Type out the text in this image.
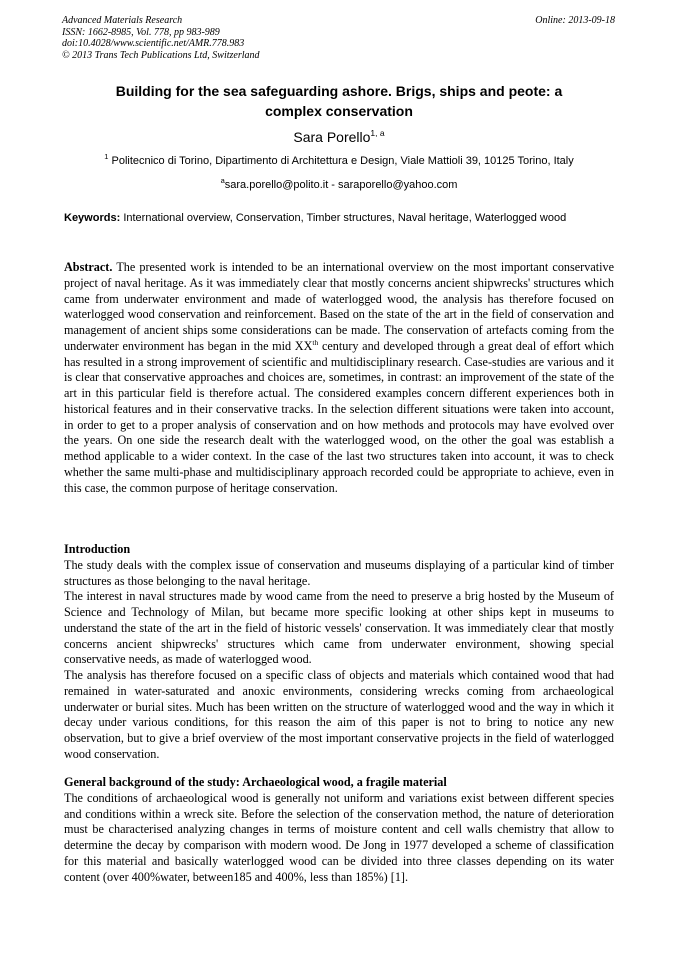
Advanced Materials Research
ISSN: 1662-8985, Vol. 778, pp 983-989
doi:10.4028/www.scientific.net/AMR.778.983
© 2013 Trans Tech Publications Ltd, Switzerland
Online: 2013-09-18
Building for the sea safeguarding ashore. Brigs, ships and peote: a
complex conservation
Sara Porello$^{1, a}$
$^1$ Politecnico di Torino, Dipartimento di Architettura e Design, Viale Mattioli 39, 10125 Torino, Italy
$^a$sara.porello@polito.it - saraporello@yahoo.com
Keywords: International overview, Conservation, Timber structures, Naval heritage, Waterlogged wood

Abstract. The presented work is intended to be an international overview on the most important conservative project of naval heritage. As it was immediately clear that mostly concerns ancient shipwrecks' structures which came from underwater environment and made of waterlogged wood, the analysis has therefore focused on waterlogged wood conservation and reinforcement. Based on the state of the art in the field of conservation and management of ancient ships some considerations can be made. The conservation of artefacts coming from the underwater environment has began in the mid XXth century and developed through a great deal of effort which has resulted in a strong improvement of scientific and multidisciplinary research. Case-studies are various and it is clear that conservative approaches and choices are, sometimes, in contrast: an improvement of the state of the art in this particular field is therefore actual. The considered examples concern different experiences both in historical features and in their conservative tracks. In the selection different situations were taken into account, in order to get to a proper analysis of conservation and on how methods and protocols may have evolved over the years. On one side the research dealt with the waterlogged wood, on the other the goal was establish a method applicable to a wider context. In the case of the last two structures taken into account, it was to check whether the same multi-phase and multidisciplinary approach recorded could be appropriate to achieve, even in this case, the common purpose of heritage conservation.

Introduction

The study deals with the complex issue of conservation and museums displaying of a particular kind of timber structures as those belonging to the naval heritage.

The interest in naval structures made by wood came from the need to preserve a brig hosted by the Museum of Science and Technology of Milan, but became more specific looking at other ships kept in museums to understand the state of the art in the field of historic vessels' conservation. It was immediately clear that mostly concerns ancient shipwrecks' structures which came from underwater environment, showing special conservative needs, as made of waterlogged wood.

The analysis has therefore focused on a specific class of objects and materials which contained wood that had remained in water-saturated and anoxic environments, considering wrecks coming from archaeological underwater or burial sites. Much has been written on the structure of waterlogged wood and the way in which it decay under various conditions, for this reason the aim of this paper is not to bring to notice any new observation, but to give a brief overview of the most important conservative projects in the field of waterlogged wood conservation.

General background of the study: Archaeological wood, a fragile material

The conditions of archaeological wood is generally not uniform and variations exist between different species and conditions within a wreck site. Before the selection of the conservation method, the nature of deterioration must be characterised analyzing changes in terms of moisture content and cell walls chemistry that allow to determine the decay by comparison with modern wood. De Jong in 1977 developed a scheme of classification for this material and basically waterlogged wood can be divided into three classes depending on its water content (over 400%water, between185 and 400%, less than 185%) [1].
